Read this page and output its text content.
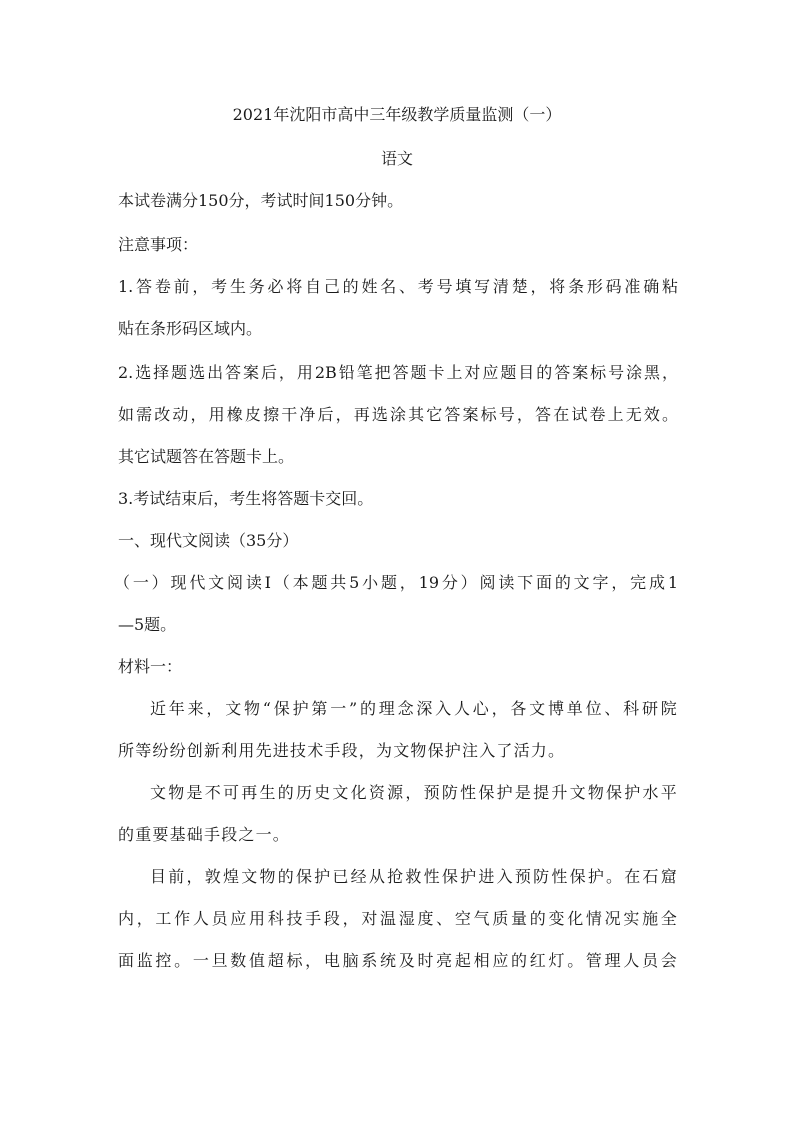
2021年沈阳市高中三年级教学质量监测（一）
语文
本试卷满分150分，考试时间150分钟。
注意事项：
1.答卷前，考生务必将自己的姓名、考号填写清楚，将条形码准确粘
贴在条形码区域内。
2.选择题选出答案后，用2B铅笔把答题卡上对应题目的答案标号涂黑，
如需改动，用橡皮擦干净后，再选涂其它答案标号，答在试卷上无效。
其它试题答在答题卡上。
3.考试结束后，考生将答题卡交回。
一、现代文阅读（35分）
（一）现代文阅读Ⅰ（本题共5小题，19分）阅读下面的文字，完成1
—5题。
材料一：
近年来，文物“保护第一”的理念深入人心，各文博单位、科研院
所等纷纷创新利用先进技术手段，为文物保护注入了活力。
文物是不可再生的历史文化资源，预防性保护是提升文物保护水平
的重要基础手段之一。
目前，敦煌文物的保护已经从抢救性保护进入预防性保护。在石窟
内，工作人员应用科技手段，对温湿度、空气质量的变化情况实施全
面监控。一旦数值超标，电脑系统及时亮起相应的红灯。管理人员会
